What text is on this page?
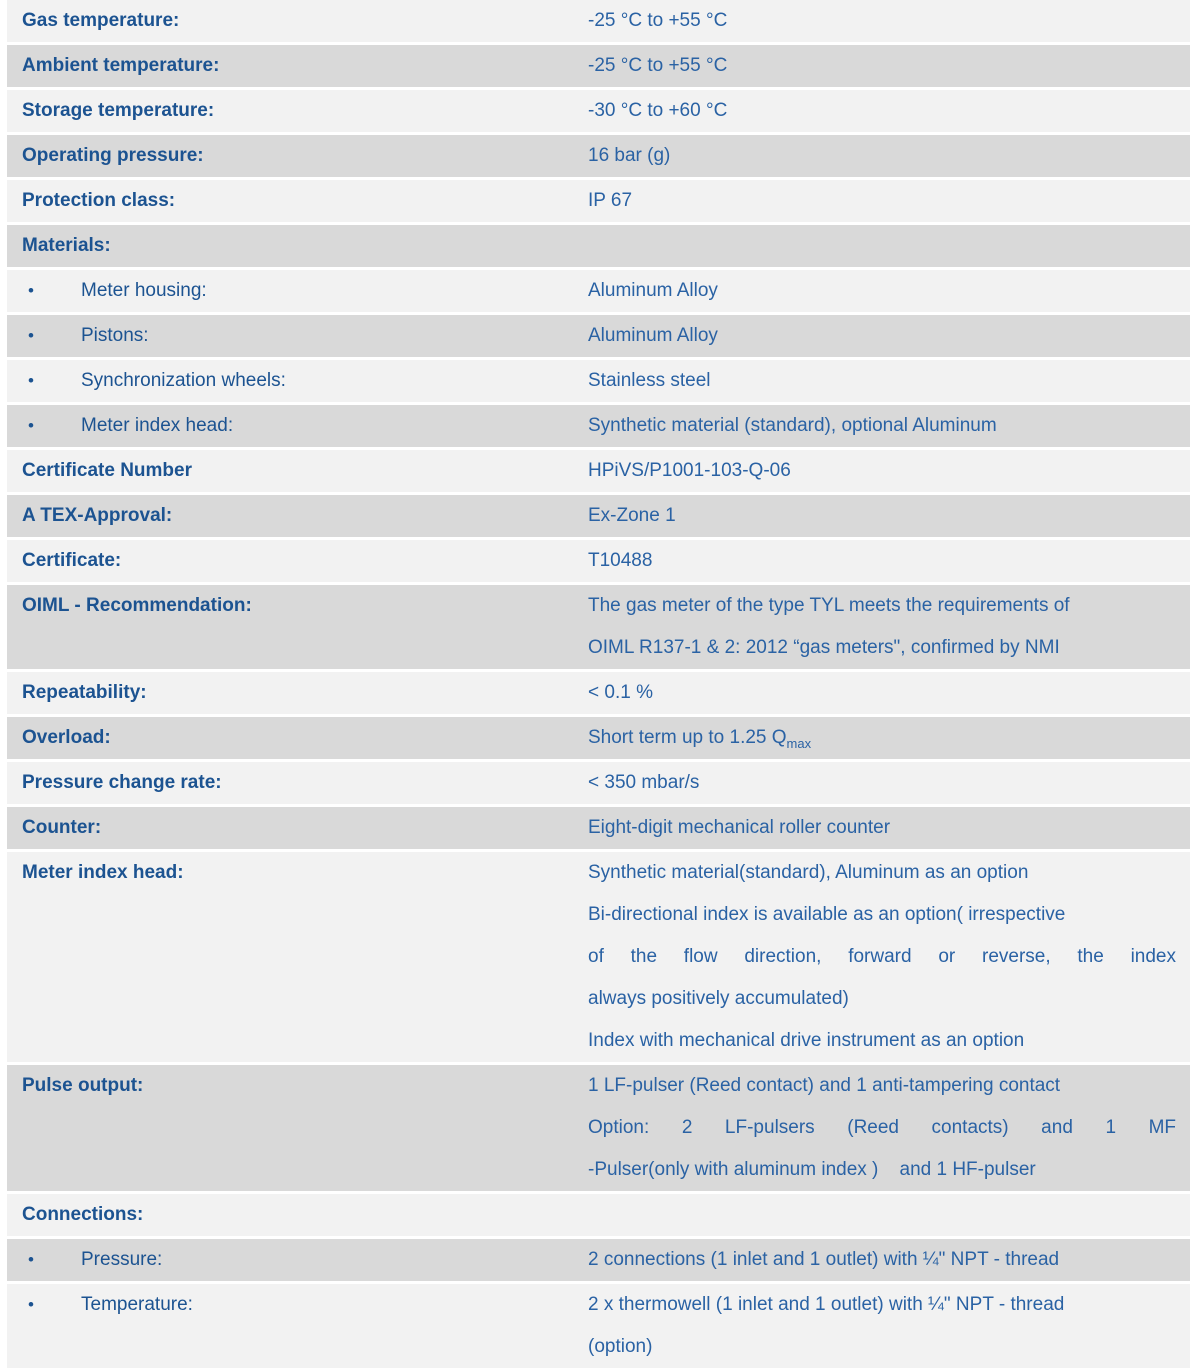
Gas temperature:	-25 °C to +55 °C
Ambient temperature:	-25 °C to +55 °C
Storage temperature:	-30 °C to +60 °C
Operating pressure:	16 bar (g)
Protection class:	IP 67
Materials:
•	Meter housing:	Aluminum Alloy
•	Pistons:	Aluminum Alloy
•	Synchronization wheels:	Stainless steel
•	Meter index head:	Synthetic material (standard), optional Aluminum
Certificate Number	HPiVS/P1001-103-Q-06
A TEX-Approval:	Ex-Zone 1
Certificate:	T10488
OIML - Recommendation:	The gas meter of the type TYL meets the requirements of
OIML R137-1 & 2: 2012 “gas meters", confirmed by NMI
Repeatability:	< 0.1 %
Overload:	Short term up to 1.25 $Q_{max}$
Pressure change rate:	< 350 mbar/s
Counter:	Eight-digit mechanical roller counter
Meter index head:	Synthetic material(standard), Aluminum as an option
Bi-directional index is available as an option( irrespective
of the flow direction, forward or reverse, the index
always positively accumulated)
Index with mechanical drive instrument as an option
Pulse output:	1 LF-pulser (Reed contact) and 1 anti-tampering contact
Option: 2 LF-pulsers (Reed contacts) and 1 MF
-Pulser(only with aluminum index )    and 1 HF-pulser
Connections:
•	Pressure:	2 connections (1 inlet and 1 outlet) with ¼" NPT - thread
•	Temperature:	2 x thermowell (1 inlet and 1 outlet) with ¼" NPT - thread
(option)
